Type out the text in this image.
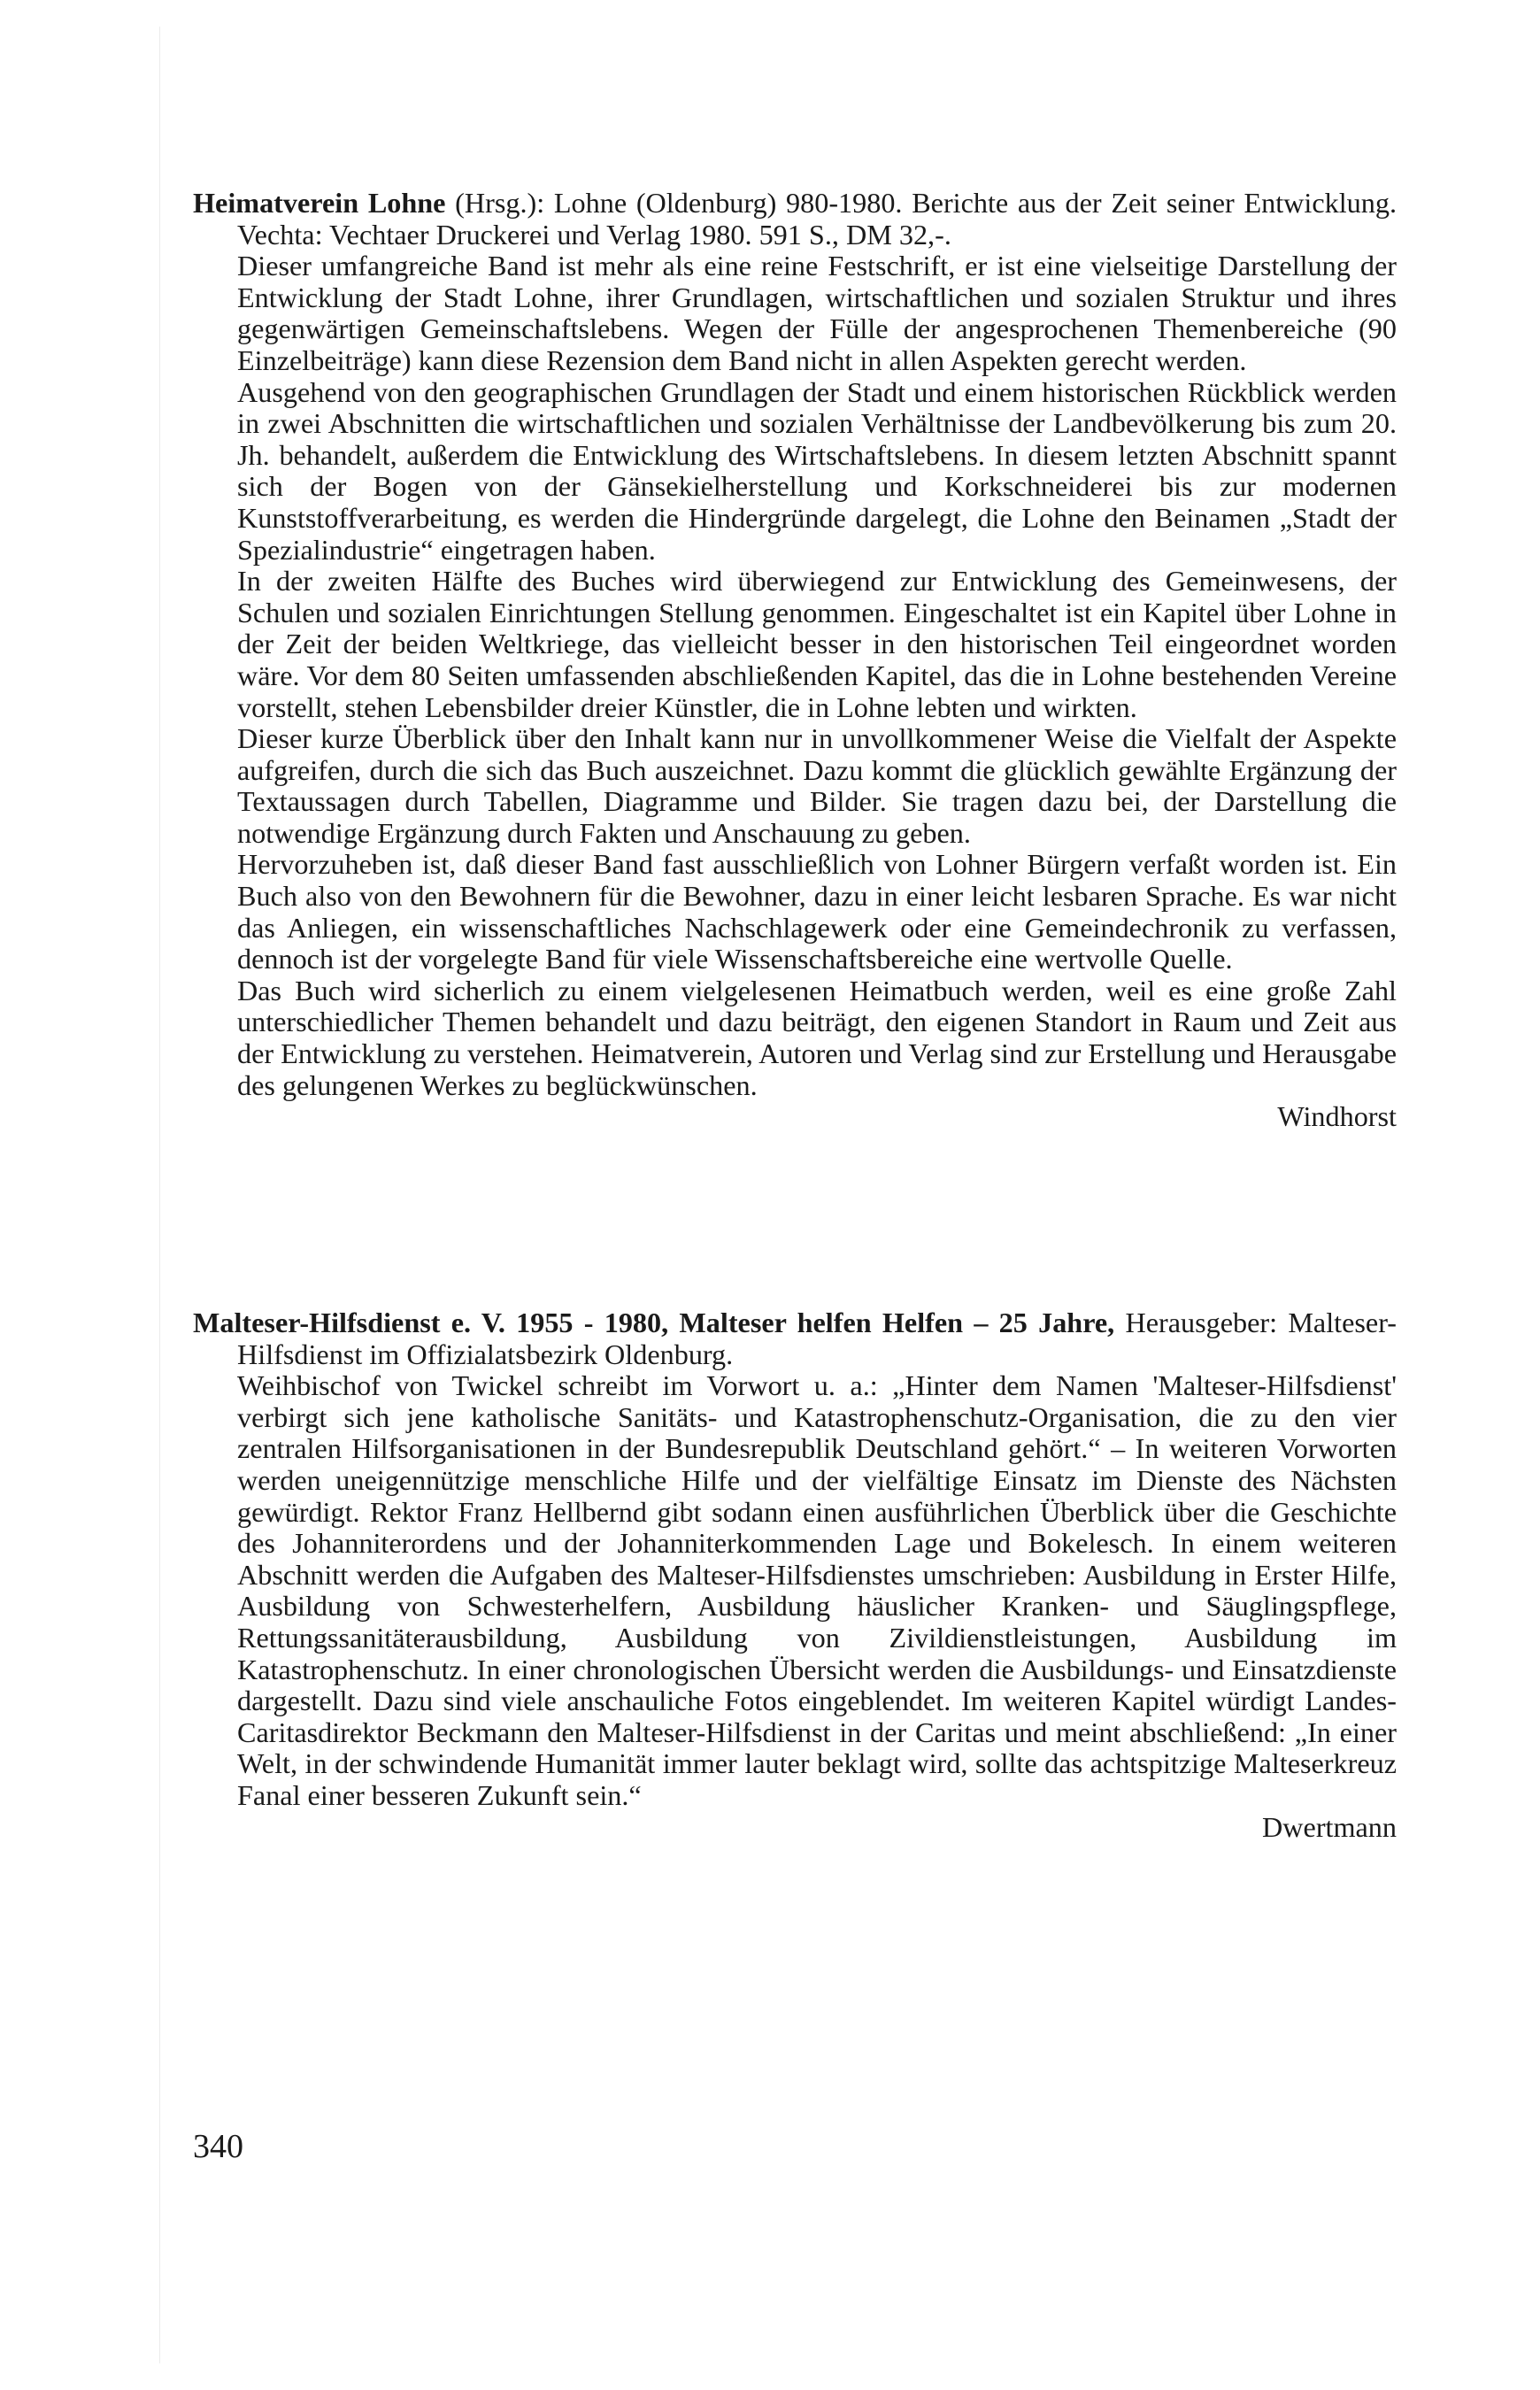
Heimatverein Lohne (Hrsg.): Lohne (Oldenburg) 980-1980. Berichte aus der Zeit seiner Entwicklung. Vechta: Vechtaer Druckerei und Verlag 1980. 591 S., DM 32,-.

Dieser umfangreiche Band ist mehr als eine reine Festschrift, er ist eine vielseitige Darstellung der Entwicklung der Stadt Lohne, ihrer Grundlagen, wirtschaftlichen und sozialen Struktur und ihres gegenwärtigen Gemeinschaftslebens. Wegen der Fülle der angesprochenen Themenbereiche (90 Einzelbeiträge) kann diese Rezension dem Band nicht in allen Aspekten gerecht werden.

Ausgehend von den geographischen Grundlagen der Stadt und einem historischen Rückblick werden in zwei Abschnitten die wirtschaftlichen und sozialen Verhältnisse der Landbevölkerung bis zum 20. Jh. behandelt, außerdem die Entwicklung des Wirtschaftslebens. In diesem letzten Abschnitt spannt sich der Bogen von der Gänsekielherstellung und Korkschneiderei bis zur modernen Kunststoffverarbeitung, es werden die Hindergründe dargelegt, die Lohne den Beinamen „Stadt der Spezialindustrie“ eingetragen haben.

In der zweiten Hälfte des Buches wird überwiegend zur Entwicklung des Gemeinwesens, der Schulen und sozialen Einrichtungen Stellung genommen. Eingeschaltet ist ein Kapitel über Lohne in der Zeit der beiden Weltkriege, das vielleicht besser in den historischen Teil eingeordnet worden wäre. Vor dem 80 Seiten umfassenden abschließenden Kapitel, das die in Lohne bestehenden Vereine vorstellt, stehen Lebensbilder dreier Künstler, die in Lohne lebten und wirkten.

Dieser kurze Überblick über den Inhalt kann nur in unvollkommener Weise die Vielfalt der Aspekte aufgreifen, durch die sich das Buch auszeichnet. Dazu kommt die glücklich gewählte Ergänzung der Textaussagen durch Tabellen, Diagramme und Bilder. Sie tragen dazu bei, der Darstellung die notwendige Ergänzung durch Fakten und Anschauung zu geben.

Hervorzuheben ist, daß dieser Band fast ausschließlich von Lohner Bürgern verfaßt worden ist. Ein Buch also von den Bewohnern für die Bewohner, dazu in einer leicht lesbaren Sprache. Es war nicht das Anliegen, ein wissenschaftliches Nachschlagewerk oder eine Gemeindechronik zu verfassen, dennoch ist der vorgelegte Band für viele Wissenschaftsbereiche eine wertvolle Quelle.

Das Buch wird sicherlich zu einem vielgelesenen Heimatbuch werden, weil es eine große Zahl unterschiedlicher Themen behandelt und dazu beiträgt, den eigenen Standort in Raum und Zeit aus der Entwicklung zu verstehen. Heimatverein, Autoren und Verlag sind zur Erstellung und Herausgabe des gelungenen Werkes zu beglückwünschen.

Windhorst

Malteser-Hilfsdienst e. V. 1955 - 1980, Malteser helfen Helfen – 25 Jahre, Herausgeber: Malteser-Hilfsdienst im Offizialatsbezirk Oldenburg.

Weihbischof von Twickel schreibt im Vorwort u. a.: „Hinter dem Namen 'Malteser-Hilfsdienst' verbirgt sich jene katholische Sanitäts- und Katastrophenschutz-Organisation, die zu den vier zentralen Hilfsorganisationen in der Bundesrepublik Deutschland gehört.“ – In weiteren Vorworten werden uneigennützige menschliche Hilfe und der vielfältige Einsatz im Dienste des Nächsten gewürdigt. Rektor Franz Hellbernd gibt sodann einen ausführlichen Überblick über die Geschichte des Johanniterordens und der Johanniterkommenden Lage und Bokelesch. In einem weiteren Abschnitt werden die Aufgaben des Malteser-Hilfsdienstes umschrieben: Ausbildung in Erster Hilfe, Ausbildung von Schwesterhelfern, Ausbildung häuslicher Kranken- und Säuglingspflege, Rettungssanitäterausbildung, Ausbildung von Zivildienstleistungen, Ausbildung im Katastrophenschutz. In einer chronologischen Übersicht werden die Ausbildungs- und Einsatzdienste dargestellt. Dazu sind viele anschauliche Fotos eingeblendet. Im weiteren Kapitel würdigt Landes-Caritasdirektor Beckmann den Malteser-Hilfsdienst in der Caritas und meint abschließend: „In einer Welt, in der schwindende Humanität immer lauter beklagt wird, sollte das achtspitzige Malteserkreuz Fanal einer besseren Zukunft sein.“

Dwertmann

340
